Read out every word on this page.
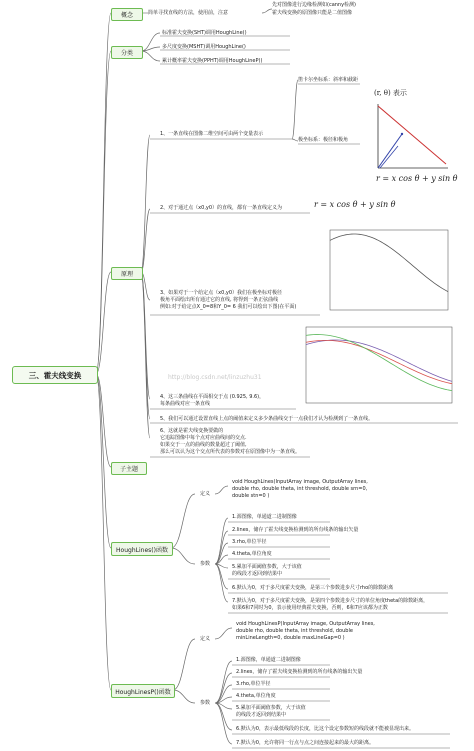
三、霍夫线变换
概念	简单寻找直线的方法，使用前，注意
先对图像进行边缘检测如(canny检测)
霍夫线变换的原图像只能是二值图像
分类
标准霍夫变换(SHT)调用HoughLine()
多尺度变换(MSHT)调用HoughLine()
累计概率霍夫变换(PPHT)调用HoughLineP()
原理
1、一条直线在图像二维空间可由两个变量表示
笛卡尔坐标系：斜率和截距
极坐标系：极径和极角
(r, θ) 表示
r = x cos θ + y sin θ
2、对于通过点（x0,y0）的直线，都有一条直线定义为	r = x cos θ + y sin θ
3、如果对于一个给定点（x0,y0）我们在极坐标对极径
极角平面绘出所有通过它的直线, 将得到一条正弦曲线
例如:对于给定点X_0=8和Y_0= 6 我们可以绘出下图(在平面)
http://blog.csdn.net/linzuzhu31
4、这三条曲线在平面相交于点 (0.925, 9.6)，
每条曲线对应一条直线
5、我们可以通过设置直线上点的阈值来定义多少条曲线交于一点我们才认为检测到了一条直线。
6、这就是霍夫线变换要做的
它追踪图像中每个点对应曲线间的交点.
如果交于一点的曲线的数量超过了阈值,
那么可以认为这个交点所代表的参数对在原图像中为一条直线。
子主题
HoughLines()函数
定义
void HoughLines(InputArray image, OutputArray lines,
double rho, double theta, int threshold, double srn=0,
double stn=0 )
参数
1.源图像，单通道二进制图像
2.lines，储存了霍夫线变换检测到的所有线条的输出矢量
3.rho,单位半径
4.theta,单位角度
5.累加平面阈值参数，大于该值
的线段才返回到结果中
6.默认为0，对于多尺度霍夫变换，是第三个参数进步尺寸rho的除数距离
7.默认为0，对于多尺度霍夫变换，是第四个参数进步尺寸的单位角度theta的除数距离，
如果6和7同时为0，表示使用经典霍夫变换，否则，6和7应该都为正数
HoughLinesP()函数
定义
void HoughLinesP(InputArray image, OutputArray lines,
double rho, double theta, int threshold, double
minLineLength=0, double maxLineGap=0 )
参数
1.源图像，单通道二进制图像
2.lines，储存了霍夫线变换检测到的所有线条的输出矢量
3.rho,单位半径
4.theta,单位角度
5.累加平面阈值参数，大于该值
的线段才返回到结果中
6.默认为0，表示最低线段的长度，比这个设定参数短的线段就不能被显现出来。
7.默认为0，允许将同一行点与点之间连接起来的最大的距离。
